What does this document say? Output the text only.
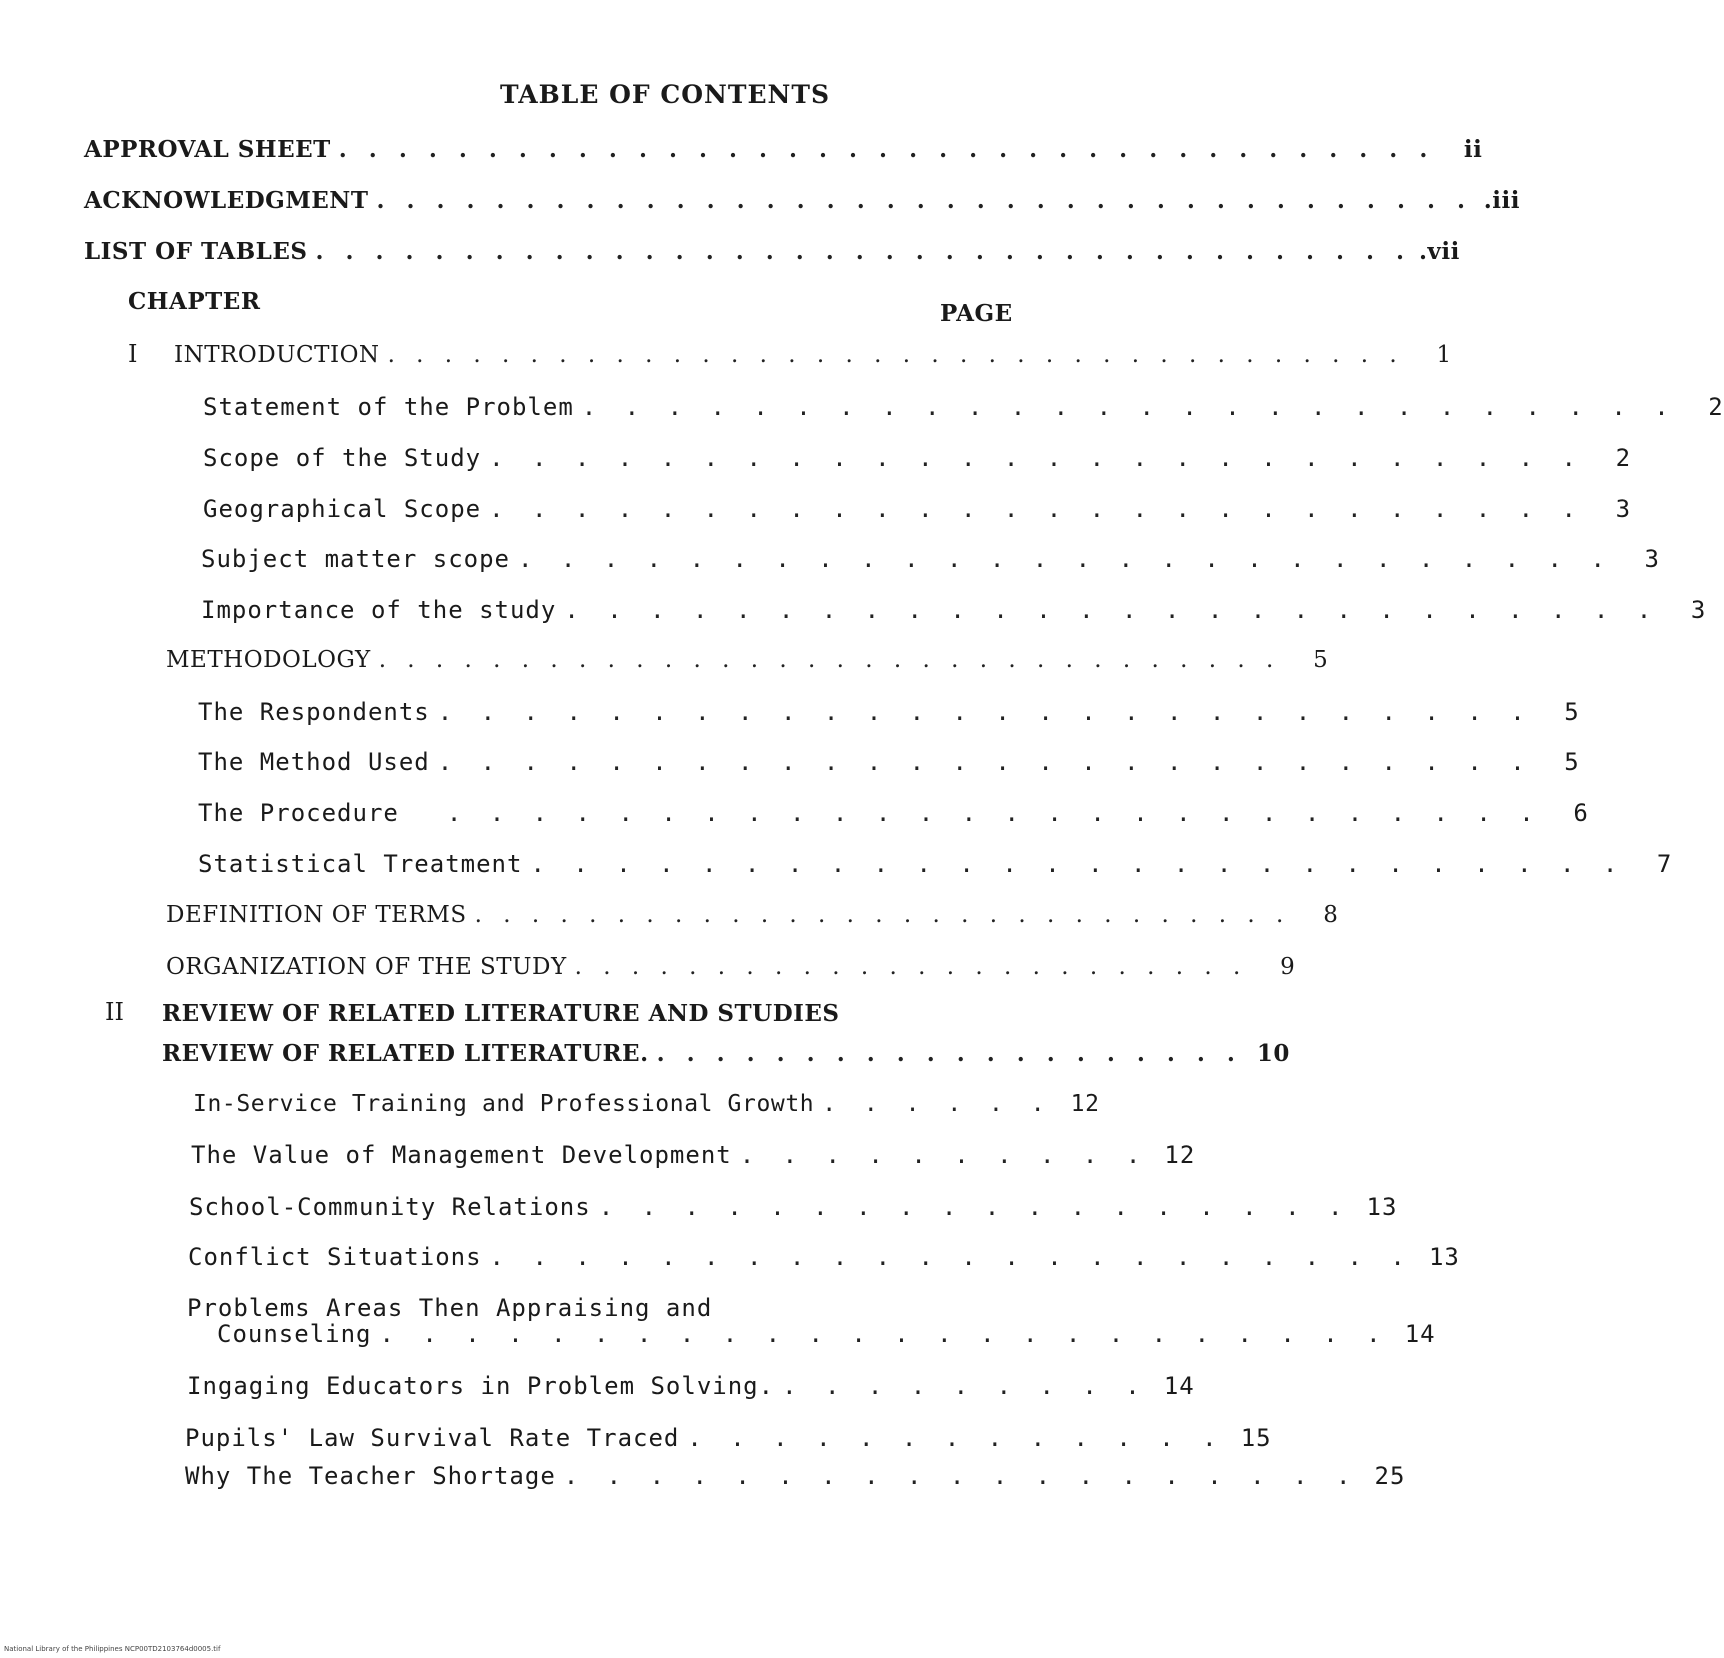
TABLE OF CONTENTS
APPROVAL SHEET . . . . . . . . . . . . . . . . . . . . . . . . . . . . . . . . . . . . .	ii
ACKNOWLEDGMENT . . . . . . . . . . . . . . . . . . . . . . . . . . . . . . . . . . . . . .iii
LIST OF TABLES . . . . . . . . . . . . . . . . . . . . . . . . . . . . . . . . . . . . . .vii
CHAPTER	PAGE
I INTRODUCTION . . . . . . . . . . . . . . . . . . . . . . . . . . . . . . . . . . . .	1
Statement of the Problem . . . . . . . . . . . . . . . . . . . . . . . . . .	2
Scope of the Study . . . . . . . . . . . . . . . . . . . . . . . . . .	2
Geographical Scope . . . . . . . . . . . . . . . . . . . . . . . . . .	3
Subject matter scope . . . . . . . . . . . . . . . . . . . . . . . . . .	3
Importance of the study . . . . . . . . . . . . . . . . . . . . . . . . . .	3
METHODOLOGY . . . . . . . . . . . . . . . . . . . . . . . . . . . . . . . .	5
The Respondents . . . . . . . . . . . . . . . . . . . . . . . . . .	5
The Method Used . . . . . . . . . . . . . . . . . . . . . . . . . .	5
The Procedure . . . . . . . . . . . . . . . . . . . . . . . . . .	6
Statistical Treatment . . . . . . . . . . . . . . . . . . . . . . . . . .	7
DEFINITION OF TERMS . . . . . . . . . . . . . . . . . . . . . . . . . . . . .	8
ORGANIZATION OF THE STUDY . . . . . . . . . . . . . . . . . . . . . . . .	9
II REVIEW OF RELATED LITERATURE AND STUDIES
REVIEW OF RELATED LITERATURE. . . . . . . . . . . . . . . . . . . . . 10
In-Service Training and Professional Growth . . . . . . 12
The Value of Management Development . . . . . . . . . . 12
School-Community Relations . . . . . . . . . . . . . . . . . . 13
Conflict Situations . . . . . . . . . . . . . . . . . . . . . . 13
Problems Areas Then Appraising and
Counseling . . . . . . . . . . . . . . . . . . . . . . . . 14
Ingaging Educators in Problem Solving. . . . . . . . . . 14
Pupils' Law Survival Rate Traced . . . . . . . . . . . . . 15
Why The Teacher Shortage . . . . . . . . . . . . . . . . . . . 25
National Library of the Philippines NCP00TD2103764d0005.tif
